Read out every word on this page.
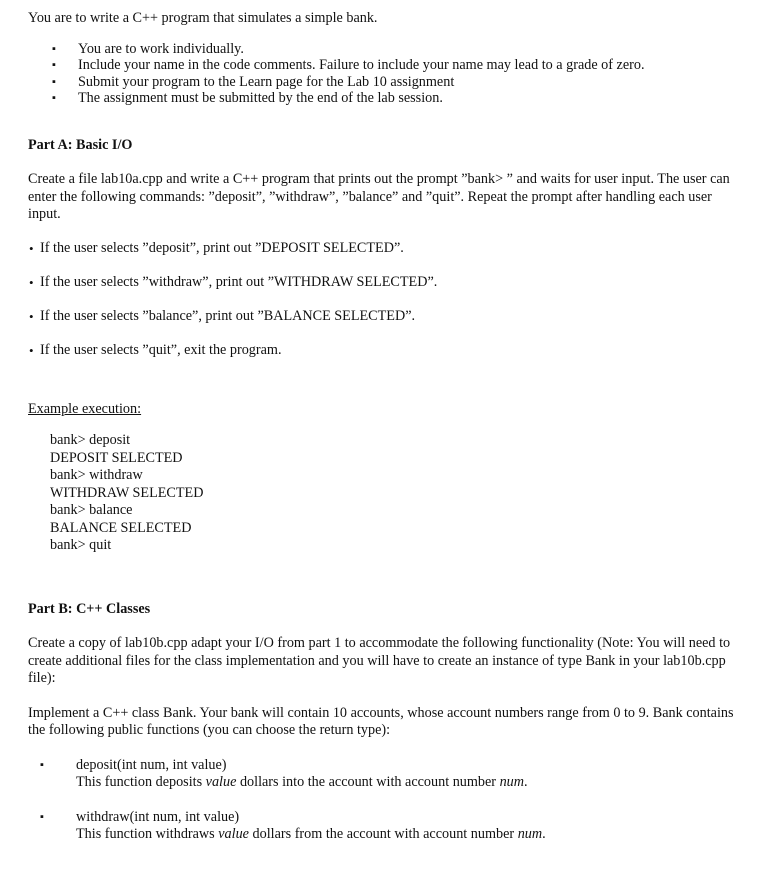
You are to write a C++ program that simulates a simple bank.

▪ You are to work individually.
▪ Include your name in the code comments. Failure to include your name may lead to a grade of zero.
▪ Submit your program to the Learn page for the Lab 10 assignment
▪ The assignment must be submitted by the end of the lab session.
Part A: Basic I/O

Create a file lab10a.cpp and write a C++ program that prints out the prompt ”bank> ” and waits for user input. The user can enter the following commands: ”deposit”, ”withdraw”, ”balance” and ”quit”. Repeat the prompt after handling each user input.

• If the user selects ”deposit”, print out ”DEPOSIT SELECTED”.
• If the user selects ”withdraw”, print out ”WITHDRAW SELECTED”.
• If the user selects ”balance”, print out ”BALANCE SELECTED”.
• If the user selects ”quit”, exit the program.

Example execution:

bank> deposit
DEPOSIT SELECTED
bank> withdraw
WITHDRAW SELECTED
bank> balance
BALANCE SELECTED
bank> quit
Part B: C++ Classes

Create a copy of lab10b.cpp adapt your I/O from part 1 to accommodate the following functionality (Note: You will need to create additional files for the class implementation and you will have to create an instance of type Bank in your lab10b.cpp file):

Implement a C++ class Bank. Your bank will contain 10 accounts, whose account numbers range from 0 to 9. Bank contains the following public functions (you can choose the return type):

▪ deposit(int num, int value)
This function deposits value dollars into the account with account number num.
▪ withdraw(int num, int value)
This function withdraws value dollars from the account with account number num.
